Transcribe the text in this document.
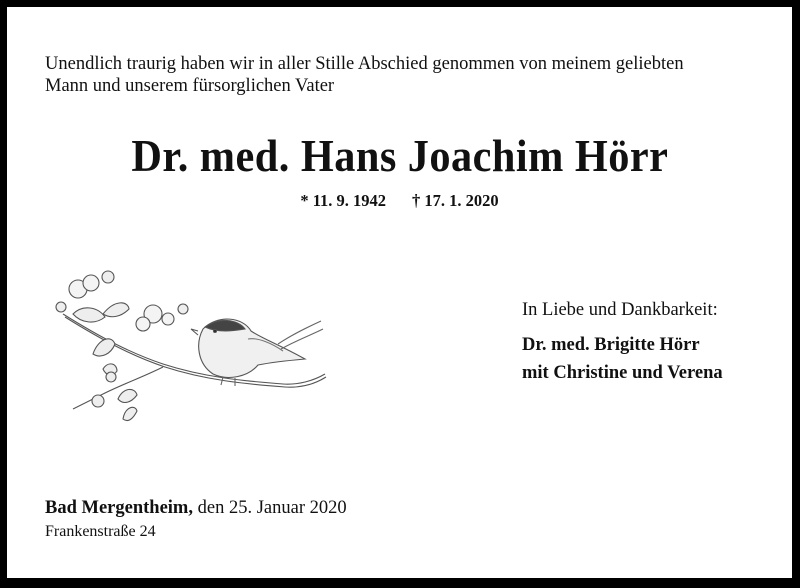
Unendlich traurig haben wir in aller Stille Abschied genommen von meinem geliebten
Mann und unserem fürsorglichen Vater
Dr. med. Hans Joachim Hörr
* 11. 9. 1942 † 17. 1. 2020
In Liebe und Dankbarkeit:
Dr. med. Brigitte Hörr
mit Christine und Verena
Bad Mergentheim, den 25. Januar 2020
Frankenstraße 24
